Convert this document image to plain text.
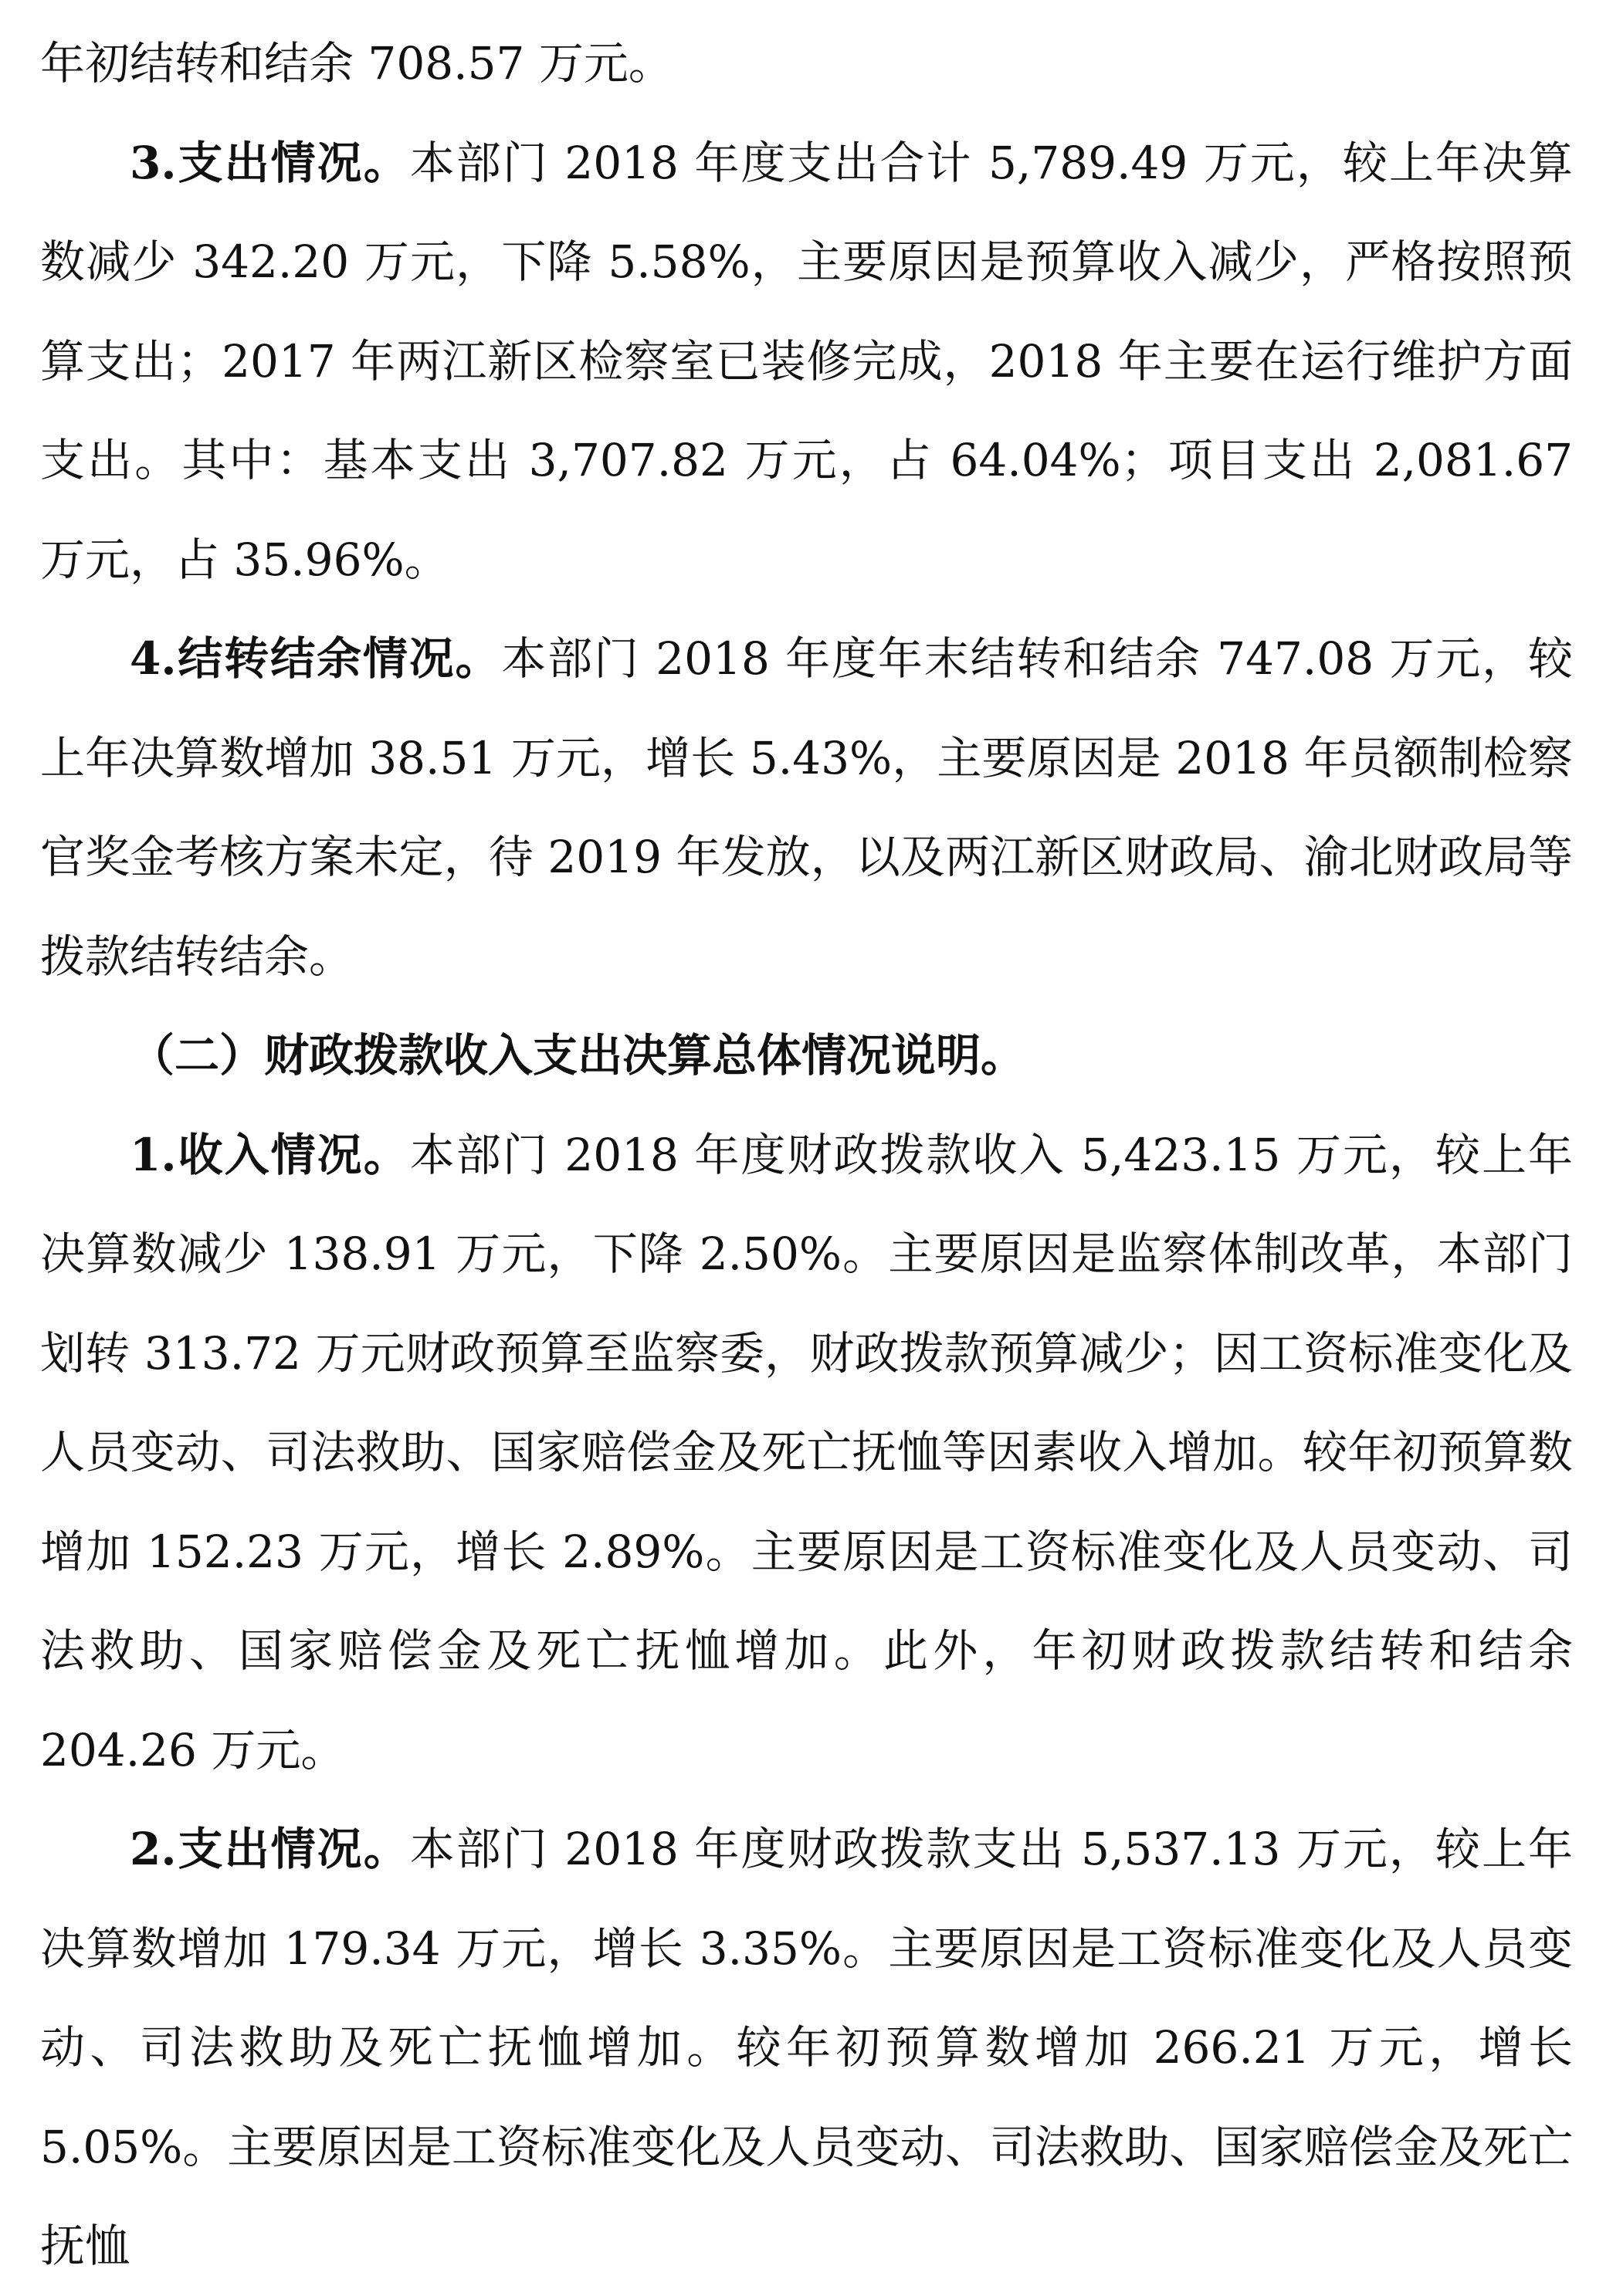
年初结转和结余 708.57 万元。

3.支出情况。本部门 2018 年度支出合计 5,789.49 万元，较上年决算数减少 342.20 万元，下降 5.58%，主要原因是预算收入减少，严格按照预算支出；2017 年两江新区检察室已装修完成，2018 年主要在运行维护方面支出。其中：基本支出 3,707.82 万元，占 64.04%；项目支出 2,081.67 万元，占 35.96%。

4.结转结余情况。本部门 2018 年度年末结转和结余 747.08 万元，较上年决算数增加 38.51 万元，增长 5.43%，主要原因是 2018 年员额制检察官奖金考核方案未定，待 2019 年发放，以及两江新区财政局、渝北财政局等拨款结转结余。

（二）财政拨款收入支出决算总体情况说明。

1.收入情况。本部门 2018 年度财政拨款收入 5,423.15 万元，较上年决算数减少 138.91 万元，下降 2.50%。主要原因是监察体制改革，本部门划转 313.72 万元财政预算至监察委，财政拨款预算减少；因工资标准变化及人员变动、司法救助、国家赔偿金及死亡抚恤等因素收入增加。较年初预算数增加 152.23 万元，增长 2.89%。主要原因是工资标准变化及人员变动、司法救助、国家赔偿金及死亡抚恤增加。此外，年初财政拨款结转和结余 204.26 万元。

2.支出情况。本部门 2018 年度财政拨款支出 5,537.13 万元，较上年决算数增加 179.34 万元，增长 3.35%。主要原因是工资标准变化及人员变动、司法救助及死亡抚恤增加。较年初预算数增加 266.21 万元，增长 5.05%。主要原因是工资标准变化及人员变动、司法救助、国家赔偿金及死亡抚恤
